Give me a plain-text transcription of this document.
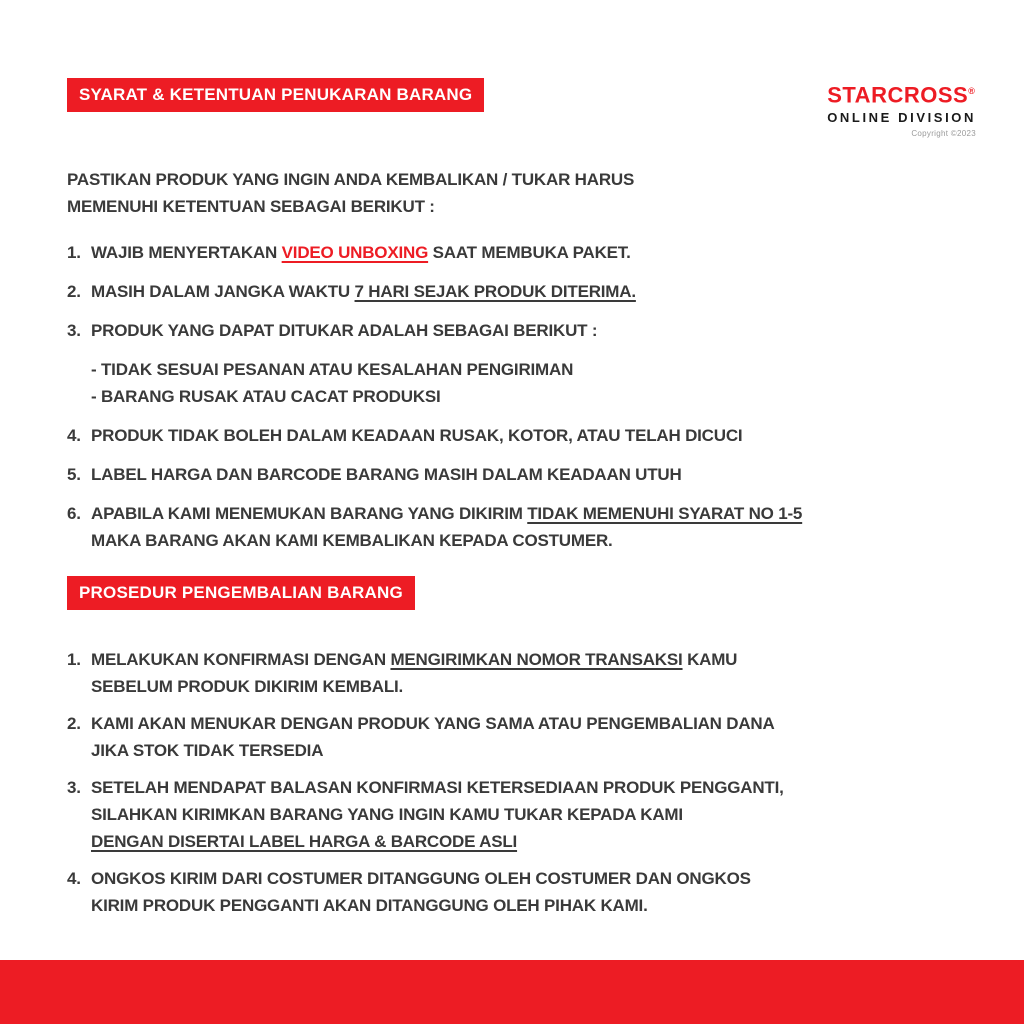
SYARAT & KETENTUAN PENUKARAN BARANG	STARCROSS®
ONLINE DIVISION
Copyright ©2023
PASTIKAN PRODUK YANG INGIN ANDA KEMBALIKAN / TUKAR HARUS
MEMENUHI KETENTUAN SEBAGAI BERIKUT :
1. WAJIB MENYERTAKAN VIDEO UNBOXING SAAT MEMBUKA PAKET.
2. MASIH DALAM JANGKA WAKTU 7 HARI SEJAK PRODUK DITERIMA.
3. PRODUK YANG DAPAT DITUKAR ADALAH SEBAGAI BERIKUT :
- TIDAK SESUAI PESANAN ATAU KESALAHAN PENGIRIMAN
- BARANG RUSAK ATAU CACAT PRODUKSI
4. PRODUK TIDAK BOLEH DALAM KEADAAN RUSAK, KOTOR, ATAU TELAH DICUCI
5. LABEL HARGA DAN BARCODE BARANG MASIH DALAM KEADAAN UTUH
6. APABILA KAMI MENEMUKAN BARANG YANG DIKIRIM TIDAK MEMENUHI SYARAT NO 1-5
MAKA BARANG AKAN KAMI KEMBALIKAN KEPADA COSTUMER.
PROSEDUR PENGEMBALIAN BARANG
1. MELAKUKAN KONFIRMASI DENGAN MENGIRIMKAN NOMOR TRANSAKSI KAMU
SEBELUM PRODUK DIKIRIM KEMBALI.
2. KAMI AKAN MENUKAR DENGAN PRODUK YANG SAMA ATAU PENGEMBALIAN DANA
JIKA STOK TIDAK TERSEDIA
3. SETELAH MENDAPAT BALASAN KONFIRMASI KETERSEDIAAN PRODUK PENGGANTI,
SILAHKAN KIRIMKAN BARANG YANG INGIN KAMU TUKAR KEPADA KAMI
DENGAN DISERTAI LABEL HARGA & BARCODE ASLI
4. ONGKOS KIRIM DARI COSTUMER DITANGGUNG OLEH COSTUMER DAN ONGKOS
KIRIM PRODUK PENGGANTI AKAN DITANGGUNG OLEH PIHAK KAMI.
